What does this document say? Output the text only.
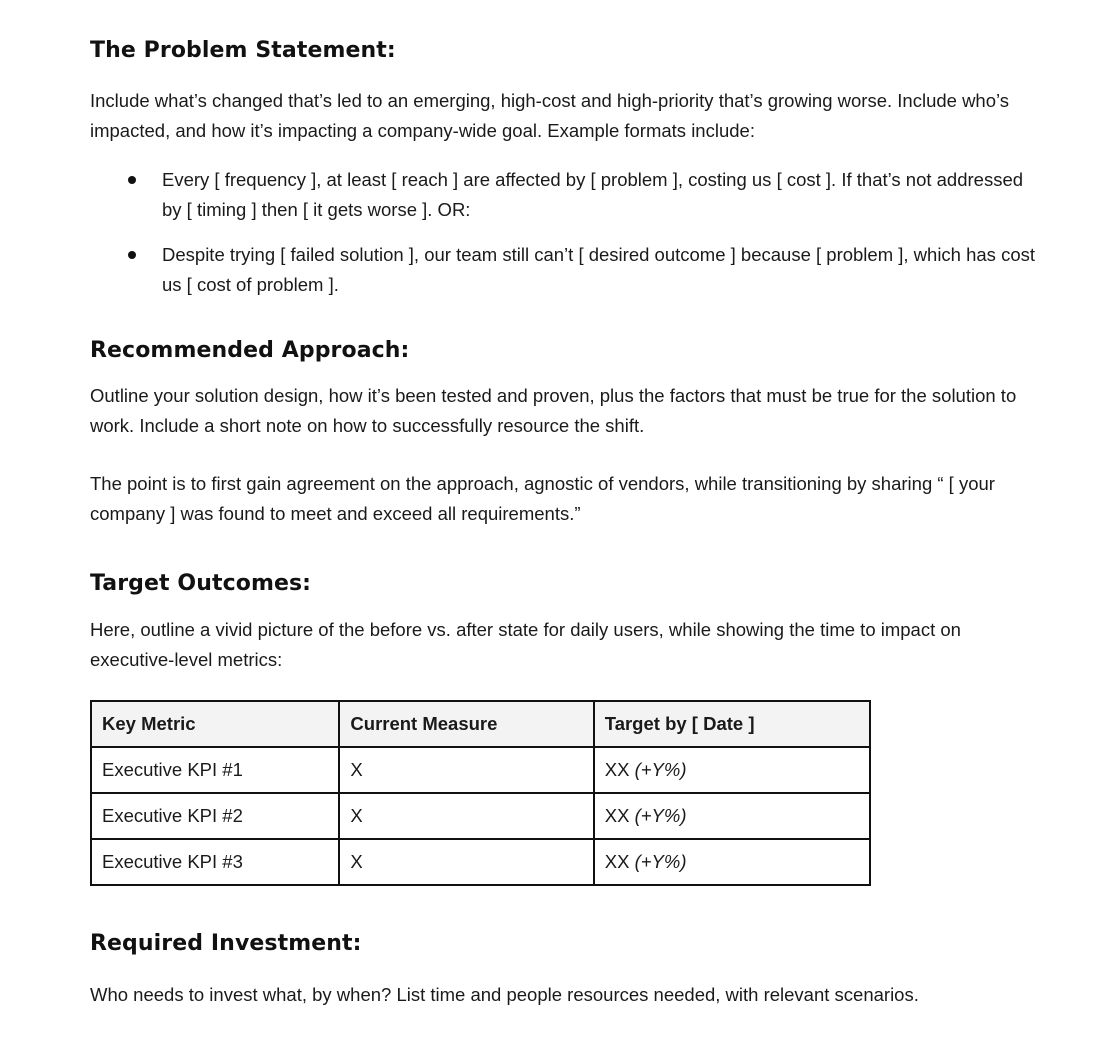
The Problem Statement:

Include what’s changed that’s led to an emerging, high-cost and high-priority that’s growing worse. Include who’s impacted, and how it’s impacting a company-wide goal. Example formats include:

Every [ frequency ], at least [ reach ] are affected by [ problem ], costing us [ cost ]. If that’s not addressed by [ timing ] then [ it gets worse ]. OR:
Despite trying [ failed solution ], our team still can’t [ desired outcome ] because [ problem ], which has cost us [ cost of problem ].
Recommended Approach:

Outline your solution design, how it’s been tested and proven, plus the factors that must be true for the solution to work. Include a short note on how to successfully resource the shift.

The point is to first gain agreement on the approach, agnostic of vendors, while transitioning by sharing “ [ your company ] was found to meet and exceed all requirements.”

Target Outcomes:

Here, outline a vivid picture of the before vs. after state for daily users, while showing the time to impact on executive-level metrics:

Key Metric	Current Measure	Target by [ Date ]
Executive KPI #1	X	XX (+Y%)
Executive KPI #2	X	XX (+Y%)
Executive KPI #3	X	XX (+Y%)
Required Investment:

Who needs to invest what, by when? List time and people resources needed, with relevant scenarios.
